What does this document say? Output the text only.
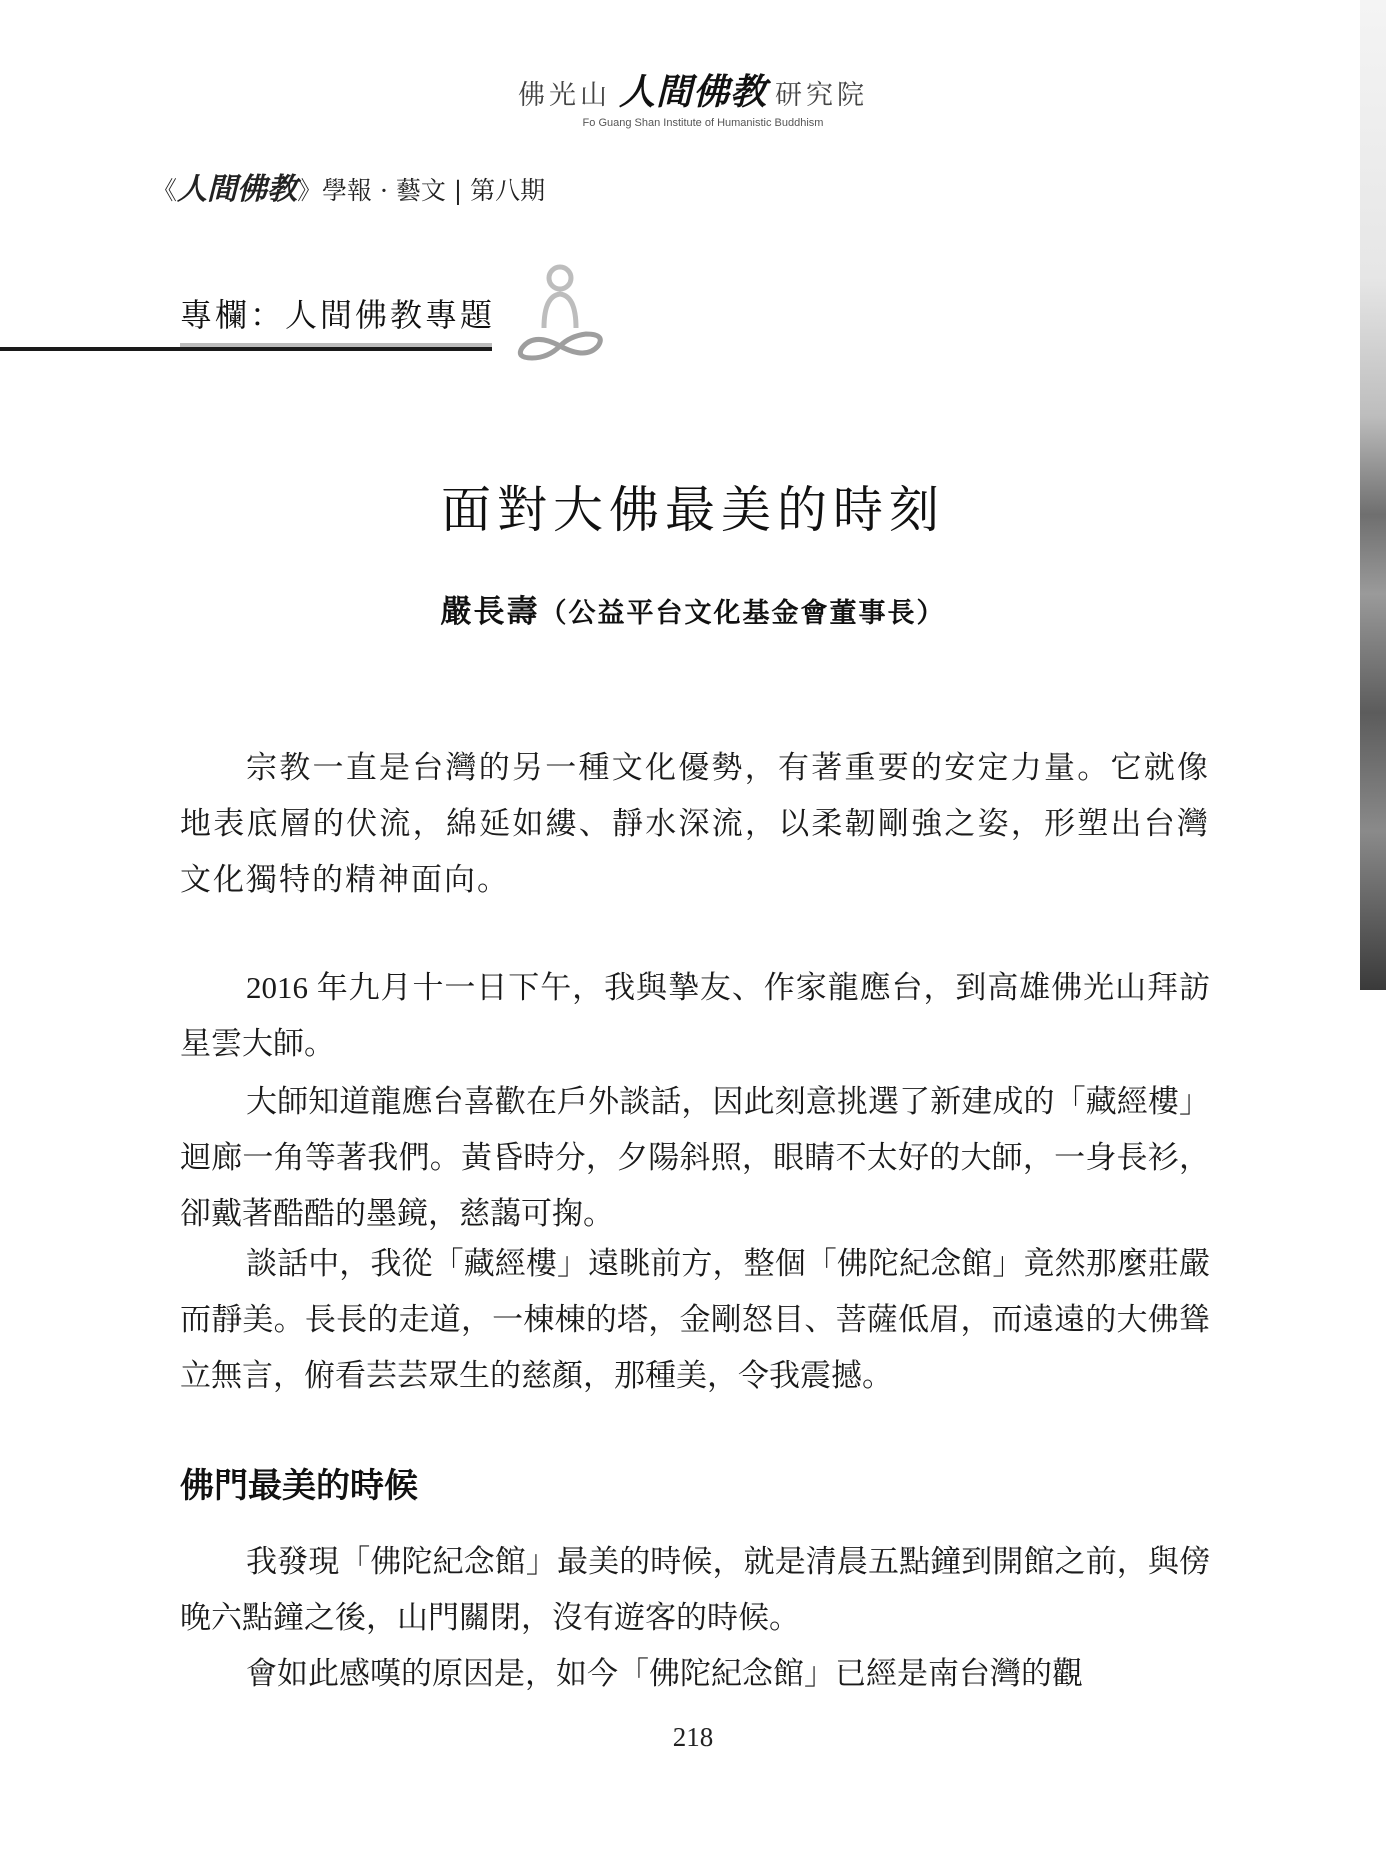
佛光山 人間佛教 研究院
Fo Guang Shan Institute of Humanistic Buddhism
《人間佛教》學報 · 藝文 | 第八期
專欄：人間佛教專題
面對大佛最美的時刻
嚴長壽（公益平台文化基金會董事長）

宗教一直是台灣的另一種文化優勢，有著重要的安定力量。它就像地表底層的伏流，綿延如縷、靜水深流，以柔韌剛強之姿，形塑出台灣文化獨特的精神面向。

2016 年九月十一日下午，我與摯友、作家龍應台，到高雄佛光山拜訪星雲大師。

大師知道龍應台喜歡在戶外談話，因此刻意挑選了新建成的「藏經樓」迴廊一角等著我們。黃昏時分，夕陽斜照，眼睛不太好的大師，一身長衫，卻戴著酷酷的墨鏡，慈藹可掬。

談話中，我從「藏經樓」遠眺前方，整個「佛陀紀念館」竟然那麼莊嚴而靜美。長長的走道，一棟棟的塔，金剛怒目、菩薩低眉，而遠遠的大佛聳立無言，俯看芸芸眾生的慈顏，那種美，令我震撼。

佛門最美的時候

我發現「佛陀紀念館」最美的時候，就是清晨五點鐘到開館之前，與傍晚六點鐘之後，山門關閉，沒有遊客的時候。

會如此感嘆的原因是，如今「佛陀紀念館」已經是南台灣的觀

218
